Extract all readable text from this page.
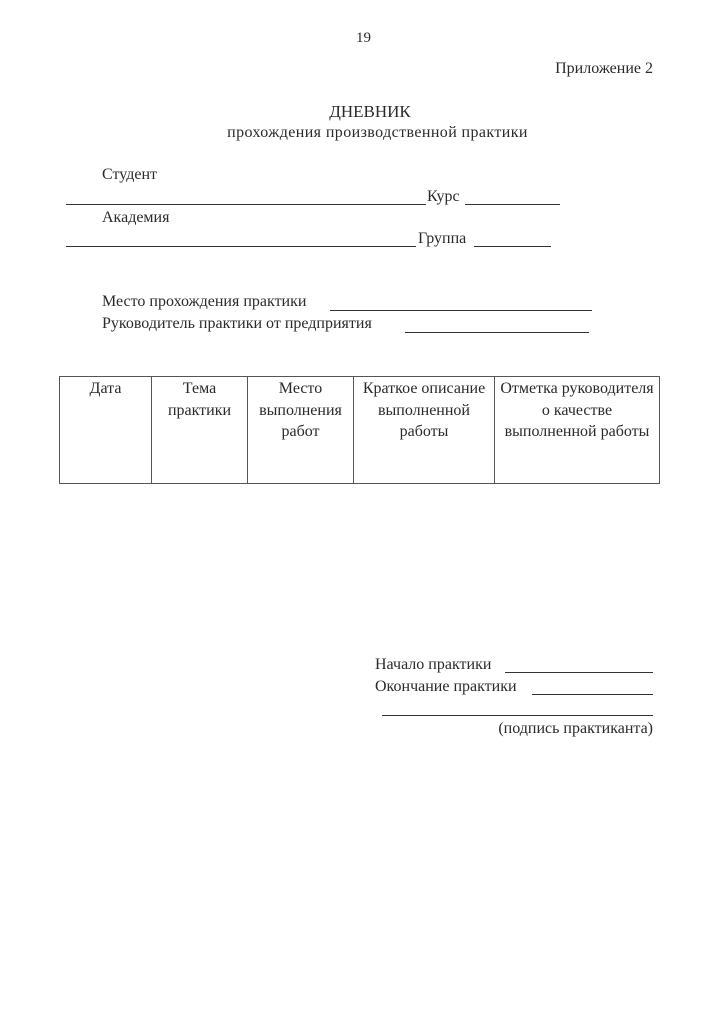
19
Приложение 2
ДНЕВНИК
прохождения производственной практики
Студент
Курс
Академия
Группа
Место прохождения практики
Руководитель практики от предприятия
Дата	Тема практики	Место выполнения работ	Краткое описание выполненной работы	Отметка руководителя о качестве выполненной работы
Начало практики
Окончание практики
(подпись практиканта)
